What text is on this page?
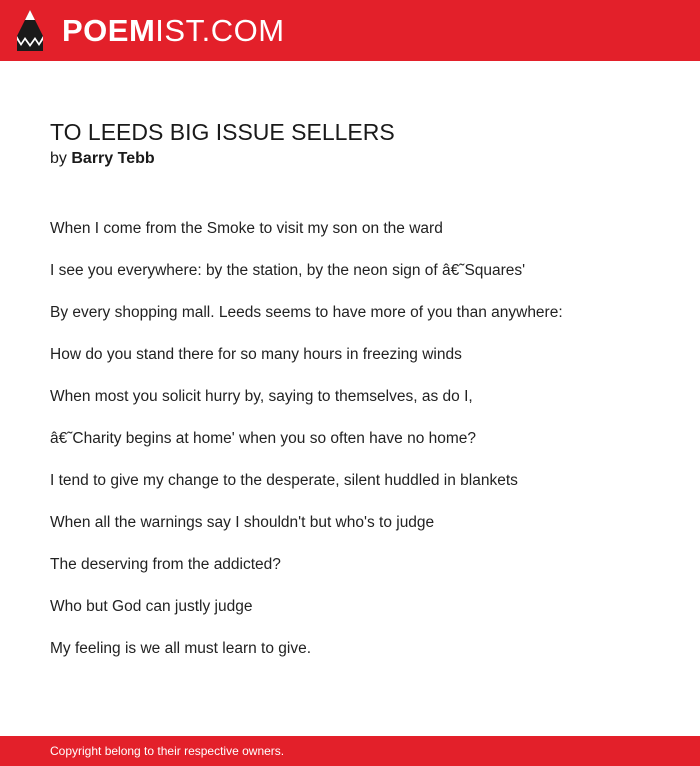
POEMIST.COM
TO LEEDS BIG ISSUE SELLERS
by Barry Tebb
When I come from the Smoke to visit my son on the ward
I see you everywhere: by the station, by the neon sign of â€˜Squares'
By every shopping mall. Leeds seems to have more of you than anywhere:
How do you stand there for so many hours in freezing winds
When most you solicit hurry by, saying to themselves, as do I,
â€˜Charity begins at home' when you so often have no home?
I tend to give my change to the desperate, silent huddled in blankets
When all the warnings say I shouldn't but who's to judge
The deserving from the addicted?
Who but God can justly judge
My feeling is we all must learn to give.
Copyright belong to their respective owners.
